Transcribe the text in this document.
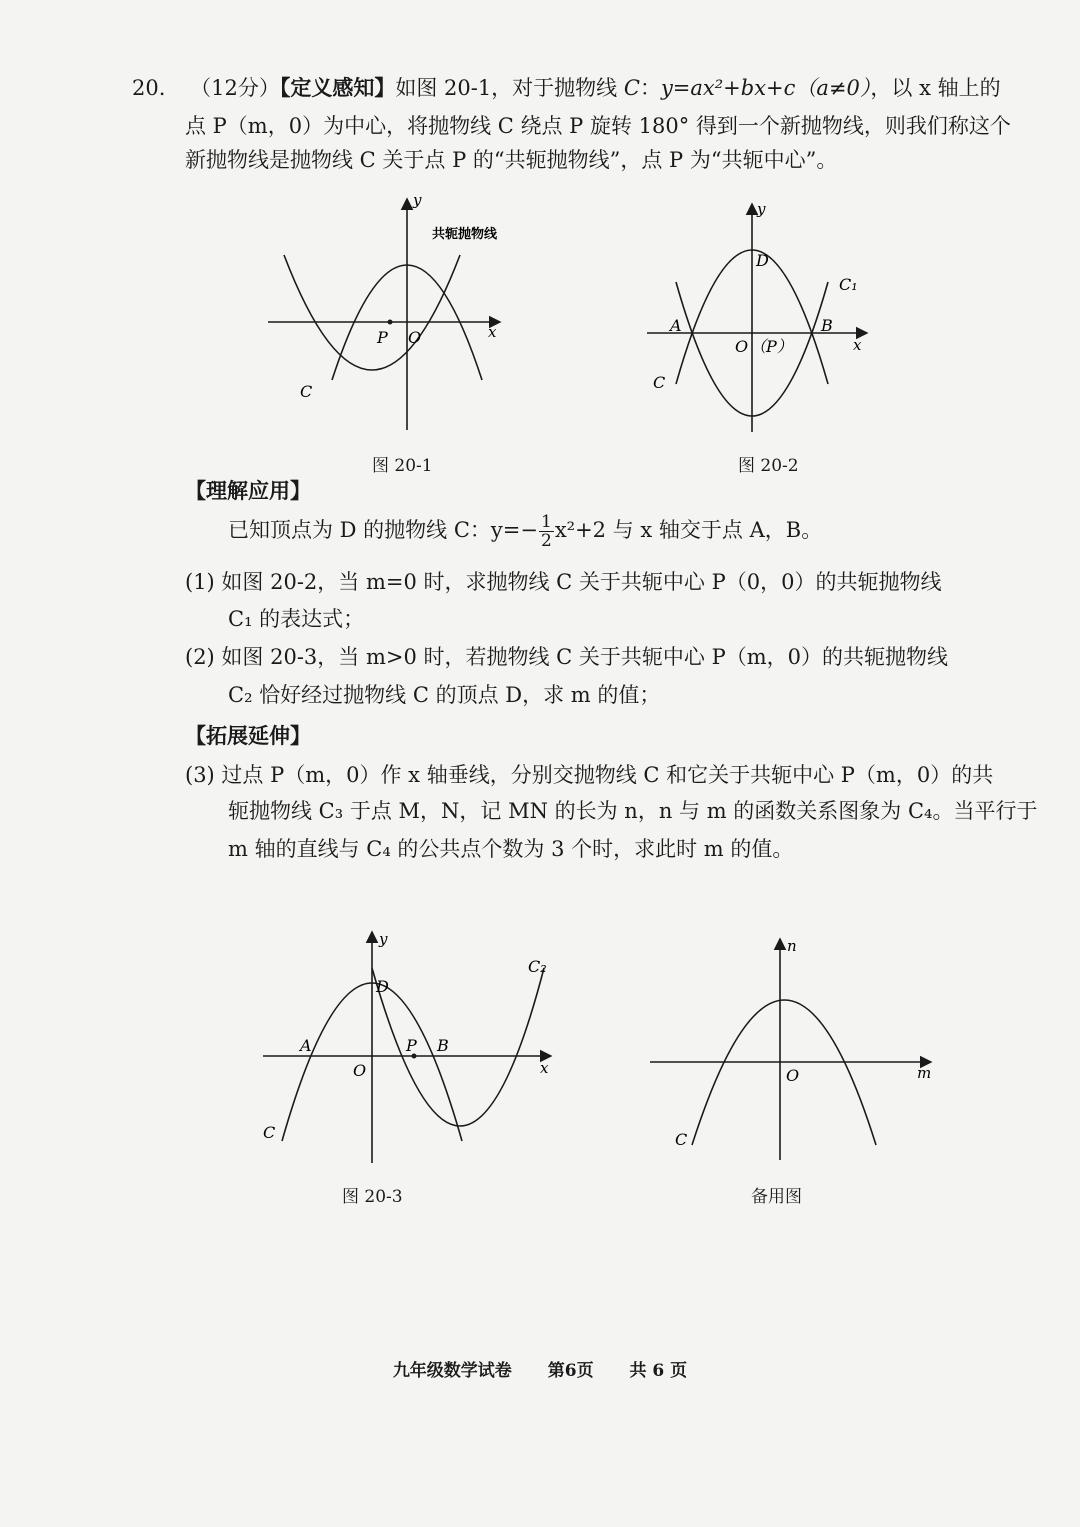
20. （12分）【定义感知】如图 20-1，对于抛物线 C：y=ax²+bx+c（a≠0），以 x 轴上的
点 P（m，0）为中心，将抛物线 C 绕点 P 旋转 180° 得到一个新抛物线，则我们称这个
新抛物线是抛物线 C 关于点 P 的“共轭抛物线”，点 P 为“共轭中心”。
y
x
P O
C
共轭抛物线
图 20-1
y
x
D
C₁
A	B
O （P）
C
图 20-2
【理解应用】
已知顶点为 D 的抛物线 C：$y=- \frac{1}{2} x^2+2$ 与 x 轴交于点 A，B。
(1) 如图 20-2，当 m=0 时，求抛物线 C 关于共轭中心 P（0，0）的共轭抛物线
C₁ 的表达式；
(2) 如图 20-3，当 m>0 时，若抛物线 C 关于共轭中心 P（m，0）的共轭抛物线
C₂ 恰好经过抛物线 C 的顶点 D，求 m 的值；
【拓展延伸】
(3) 过点 P（m，0）作 x 轴垂线，分别交抛物线 C 和它关于共轭中心 P（m，0）的共
轭抛物线 C₃ 于点 M，N，记 MN 的长为 n，n 与 m 的函数关系图象为 C₄。当平行于
m 轴的直线与 C₄ 的公共点个数为 3 个时，求此时 m 的值。
y
x
D
A	P B
O
C
C₂
图 20-3
n
m
O
C
备用图
九年级数学试卷 第6页 共 6 页
